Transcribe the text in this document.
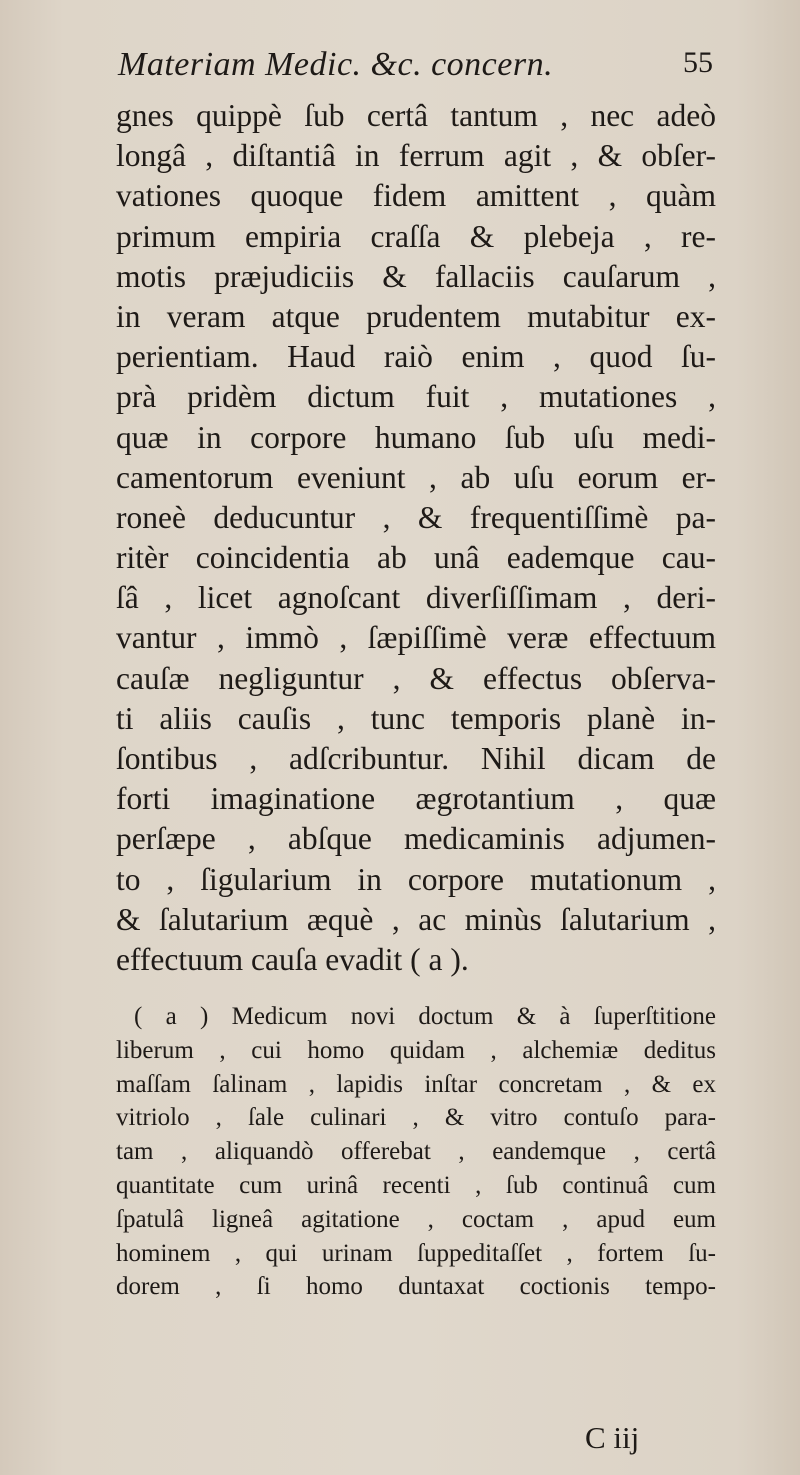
Materiam Medic. &c. concern.	55
gnes quippè ſub certâ tantum , nec adeò
longâ , diſtantiâ in ferrum agit , & obſer-
vationes quoque fidem amittent , quàm
primum empiria craſſa & plebeja , re-
motis præjudiciis & fallaciis cauſarum ,
in veram atque prudentem mutabitur ex-
perientiam. Haud raiò enim , quod ſu-
prà pridèm dictum fuit , mutationes ,
quæ in corpore humano ſub uſu medi-
camentorum eveniunt , ab uſu eorum er-
roneè deducuntur , & frequentiſſimè pa-
ritèr coincidentia ab unâ eademque cau-
ſâ , licet agnoſcant diverſiſſimam , deri-
vantur , immò , ſæpiſſimè veræ effectuum
cauſæ negliguntur , & effectus obſerva-
ti aliis cauſis , tunc temporis planè in-
ſontibus , adſcribuntur. Nihil dicam de
forti imaginatione ægrotantium , quæ
perſæpe , abſque medicaminis adjumen-
to , ſigularium in corpore mutationum ,
& ſalutarium æquè , ac minùs ſalutarium ,
effectuum cauſa evadit ( a ).
( a ) Medicum novi doctum & à ſuperſtitione
liberum , cui homo quidam , alchemiæ deditus
maſſam ſalinam , lapidis inſtar concretam , & ex
vitriolo , ſale culinari , & vitro contuſo para-
tam , aliquandò offerebat , eandemque , certâ
quantitate cum urinâ recenti , ſub continuâ cum
ſpatulâ ligneâ agitatione , coctam , apud eum
hominem , qui urinam ſuppeditaſſet , fortem ſu-
dorem , ſi homo duntaxat coctionis tempo-
C iij
